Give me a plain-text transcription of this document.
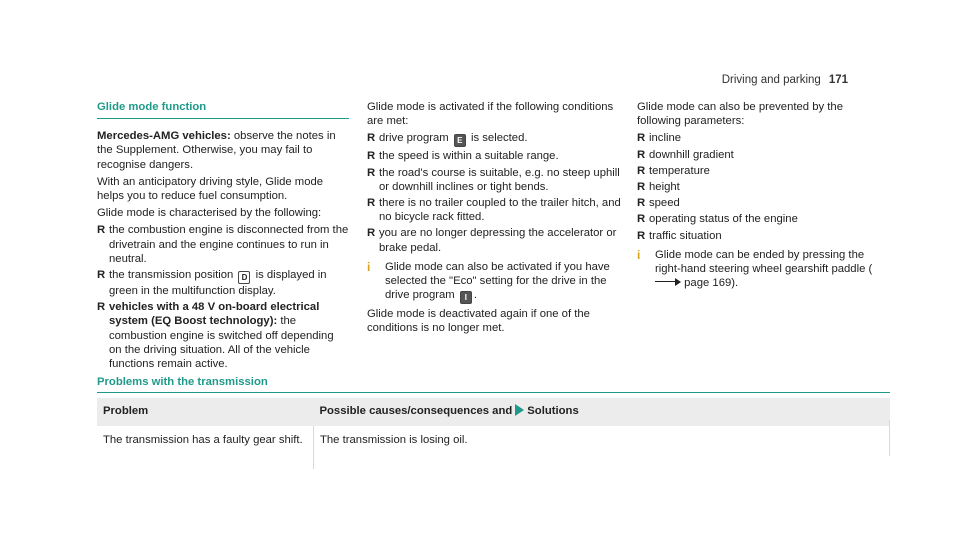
Driving and parking 171
Glide mode function

Mercedes-AMG vehicles: observe the notes in the Supplement. Otherwise, you may fail to recognise dangers.

With an anticipatory driving style, Glide mode helps you to reduce fuel consumption.

Glide mode is characterised by the following:

R the combustion engine is disconnected from the drivetrain and the engine continues to run in neutral.
R the transmission position D is displayed in green in the multifunction display.
R vehicles with a 48 V on-board electrical system (EQ Boost technology): the combustion engine is switched off depending on the driving situation. All of the vehicle functions remain active.

Glide mode is activated if the following conditions are met:

R drive program E is selected.
R the speed is within a suitable range.
R the road's course is suitable, e.g. no steep uphill or downhill inclines or tight bends.
R there is no trailer coupled to the trailer hitch, and no bicycle rack fitted.
R you are no longer depressing the accelerator or brake pedal.
i Glide mode can also be activated if you have selected the "Eco" setting for the drive in the drive program I .

Glide mode is deactivated again if one of the conditions is no longer met.

Glide mode can also be prevented by the following parameters:

R incline
R downhill gradient
R temperature
R height
R speed
R operating status of the engine
R traffic situation
i Glide mode can be ended by pressing the right-hand steering wheel gearshift paddle ( page 169).
Problems with the transmission
Problem	Possible causes/consequences and Solutions
The transmission has a faulty gear shift.	The transmission is losing oil.
